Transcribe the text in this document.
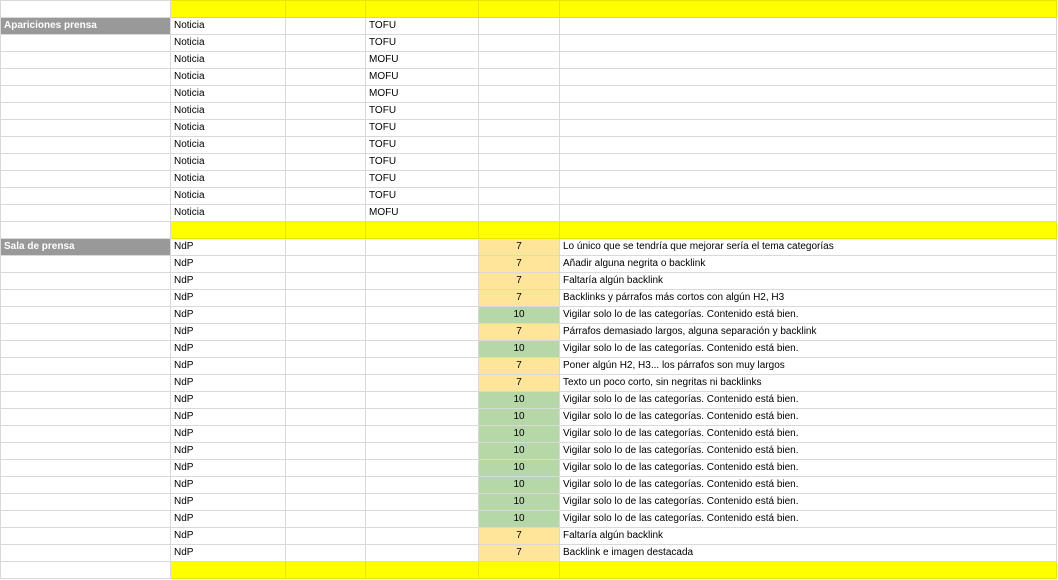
Apariciones prensa	Noticia		TOFU		
	Noticia		TOFU		
	Noticia		MOFU		
	Noticia		MOFU		
	Noticia		MOFU		
	Noticia		TOFU		
	Noticia		TOFU		
	Noticia		TOFU		
	Noticia		TOFU		
	Noticia		TOFU		
	Noticia		TOFU		
	Noticia		MOFU		

Sala de prensa	NdP			7	Lo único que se tendría que mejorar sería el tema categorías
	NdP			7	Añadir alguna negrita o backlink
	NdP			7	Faltaría algún backlink
	NdP			7	Backlinks y párrafos más cortos con algún H2, H3
	NdP			10	Vigilar solo lo de las categorías. Contenido está bien.
	NdP			7	Párrafos demasiado largos, alguna separación y backlink
	NdP			10	Vigilar solo lo de las categorías. Contenido está bien.
	NdP			7	Poner algún H2, H3... los párrafos son muy largos
	NdP			7	Texto un poco corto, sin negritas ni backlinks
	NdP			10	Vigilar solo lo de las categorías. Contenido está bien.
	NdP			10	Vigilar solo lo de las categorías. Contenido está bien.
	NdP			10	Vigilar solo lo de las categorías. Contenido está bien.
	NdP			10	Vigilar solo lo de las categorías. Contenido está bien.
	NdP			10	Vigilar solo lo de las categorías. Contenido está bien.
	NdP			10	Vigilar solo lo de las categorías. Contenido está bien.
	NdP			10	Vigilar solo lo de las categorías. Contenido está bien.
	NdP			10	Vigilar solo lo de las categorías. Contenido está bien.
	NdP			7	Faltaría algún backlink
	NdP			7	Backlink e imagen destacada
